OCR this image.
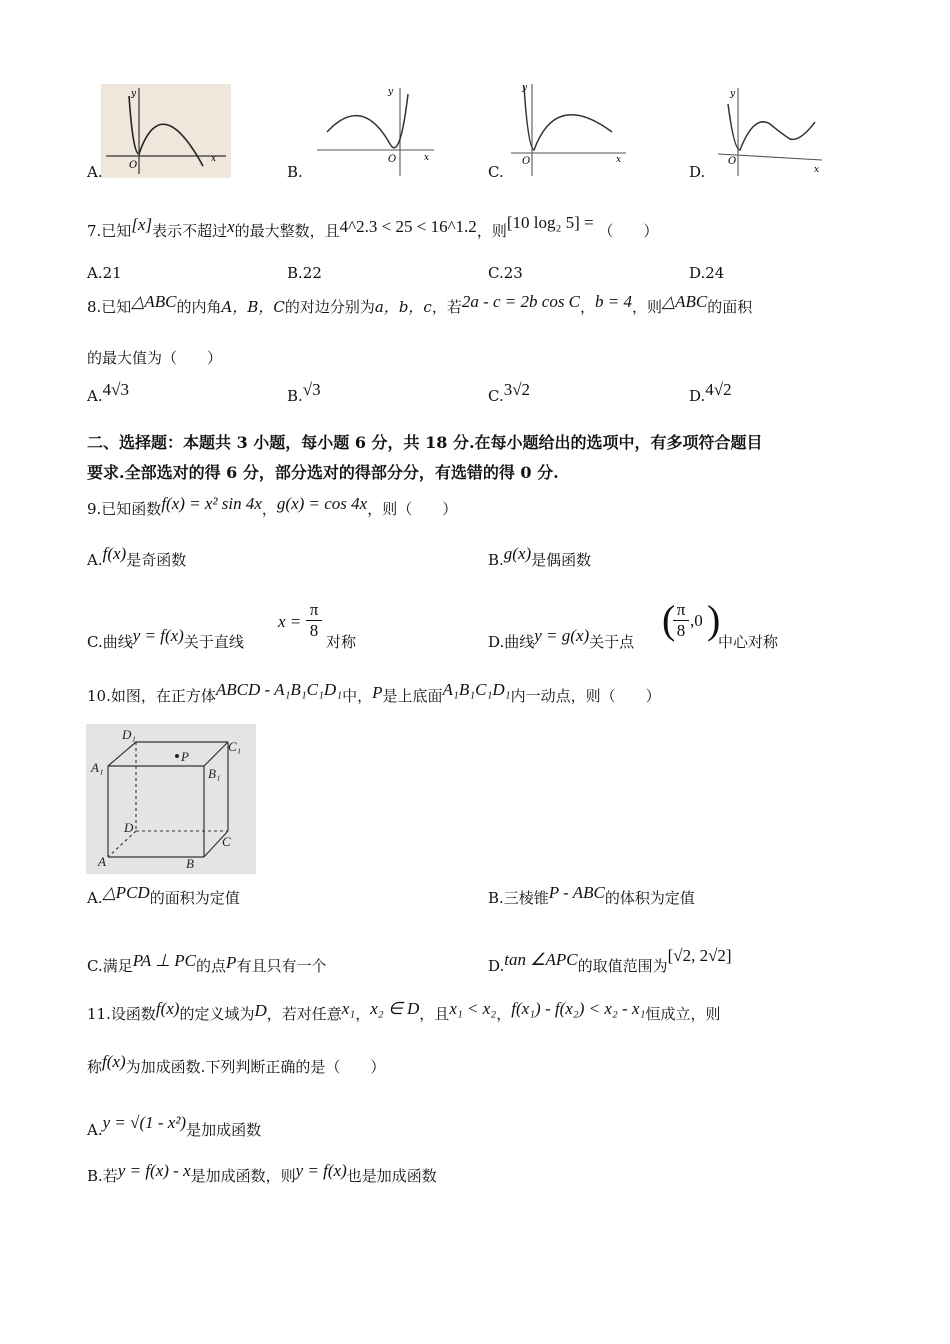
y
O
x
A.
y
O	x
B.
y
O	x
C.
y
O
x
D.
7.已知[x]表示不超过x的最大整数，且4^2.3 < 25 < 16^1.2，则[10 log₂ 5] = （　　）
A.21	B.22	C.23	D.24
8.已知△ABC的内角A，B，C的对边分别为a，b，c，若2a - c = 2b cos C，b = 4，则△ABC的面积
的最大值为（　　）
A.4√3	B.√3	C.3√2	D.4√2
二、选择题：本题共 3 小题，每小题 6 分，共 18 分.在每小题给出的选项中，有多项符合题目
要求.全部选对的得 6 分，部分选对的得部分分，有选错的得 0 分.
9.已知函数f(x) = x² sin 4x，g(x) = cos 4x，则（　　）
A.f(x)是奇函数	B.g(x)是偶函数
C.曲线y = f(x)关于直线
x =
π
8
对称	D.曲线y = g(x)关于点 ( π
8
,0 )
中心对称
10.如图，在正方体ABCD - A₁B₁C₁D₁中，P是上底面A₁B₁C₁D₁内一动点，则（　　）
D₁
C₁
A₁	B₁
P
D
C
A	B
A.△PCD的面积为定值	B.三棱锥P - ABC的体积为定值
C.满足PA ⊥ PC的点P有且只有一个	D.tan ∠APC的取值范围为[√2, 2√2]
11.设函数f(x)的定义域为D，若对任意x₁，x₂ ∈ D，且x₁ < x₂，f(x₁) - f(x₂) < x₂ - x₁恒成立，则
称f(x)为加成函数.下列判断正确的是（　　）
A.y = √(1 - x²)是加成函数
B.若y = f(x) - x是加成函数，则y = f(x)也是加成函数
